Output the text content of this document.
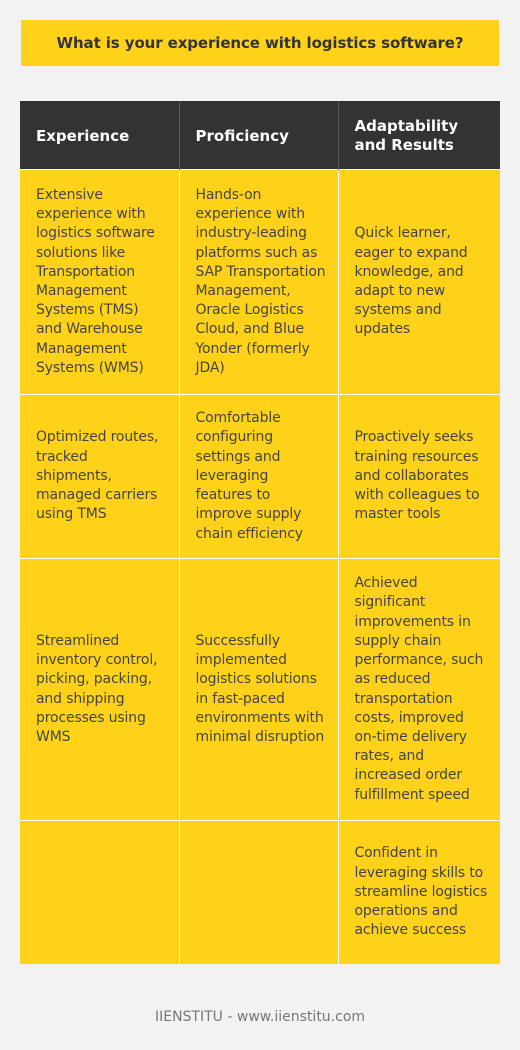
What is your experience with logistics software?
Experience	Proficiency	Adaptability and Results
Extensive experience with logistics software solutions like Transportation Management Systems (TMS) and Warehouse Management Systems (WMS)	Hands-on experience with industry-leading platforms such as SAP Transportation Management, Oracle Logistics Cloud, and Blue Yonder (formerly JDA)	Quick learner, eager to expand knowledge, and adapt to new systems and updates
Optimized routes, tracked shipments, managed carriers using TMS	Comfortable configuring settings and leveraging features to improve supply chain efficiency	Proactively seeks training resources and collaborates with colleagues to master tools
Streamlined inventory control, picking, packing, and shipping processes using WMS	Successfully implemented logistics solutions in fast-paced environments with minimal disruption	Achieved significant improvements in supply chain performance, such as reduced transportation costs, improved on-time delivery rates, and increased order fulfillment speed
		Confident in leveraging skills to streamline logistics operations and achieve success
IIENSTITU - www.iienstitu.com
